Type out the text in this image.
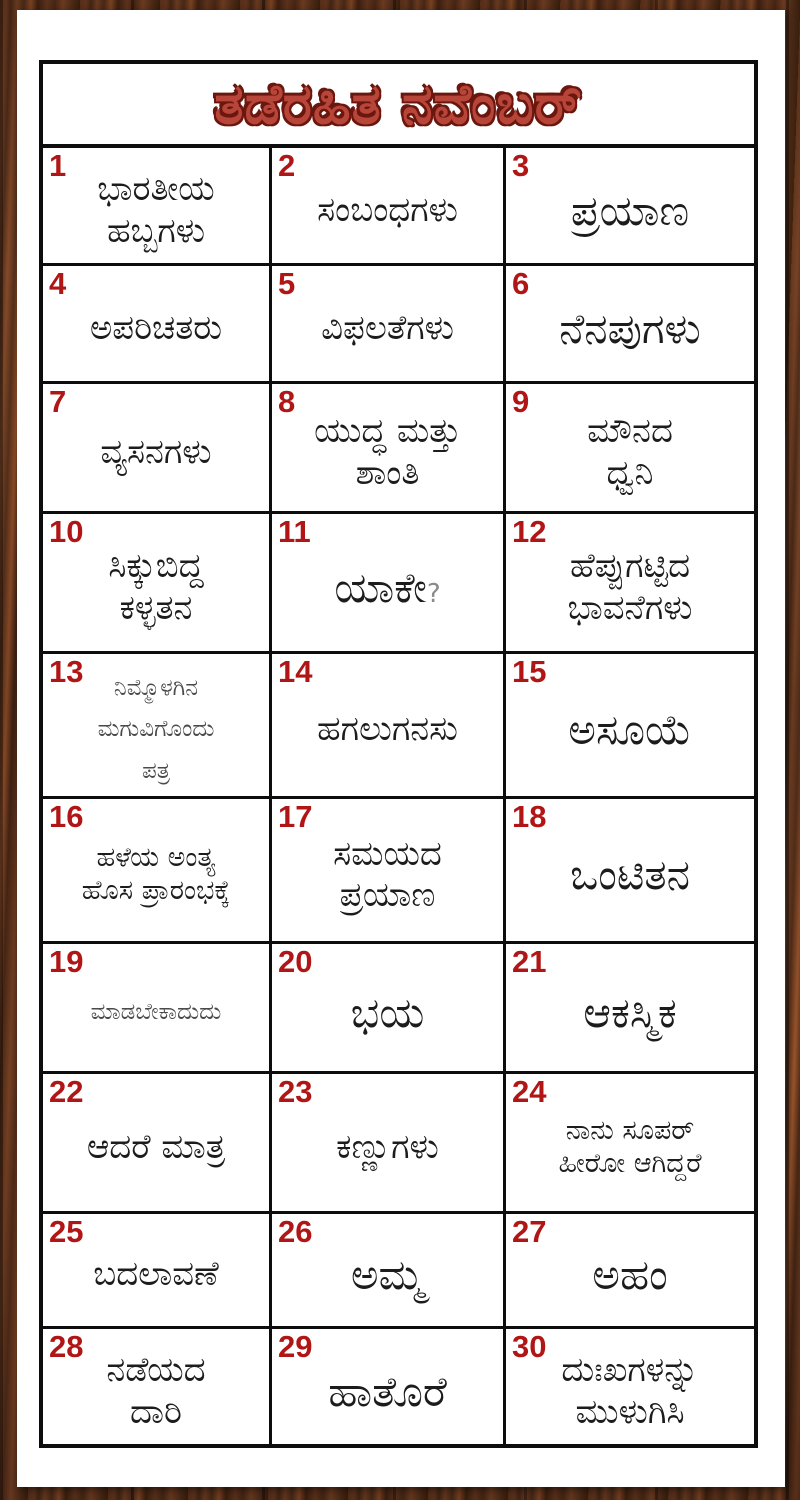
ತಡೆರಹಿತ ನವೆಂಬರ್
1
ಭಾರತೀಯ
ಹಬ್ಬಗಳು
2
ಸಂಬಂಧಗಳು
3
ಪ್ರಯಾಣ
4
ಅಪರಿಚತರು
5
ವಿಫಲತೆಗಳು
6
ನೆನಪುಗಳು
7
ವ್ಯಸನಗಳು
8
ಯುದ್ಧ ಮತ್ತು
ಶಾಂತಿ
9
ಮೌನದ
ಧ್ವನಿ
10
ಸಿಕ್ಕುಬಿದ್ದ
ಕಳ್ಳತನ
11
ಯಾಕೇ?
12
ಹೆಪ್ಪುಗಟ್ಟಿದ
ಭಾವನೆಗಳು
13	ನಿಮ್ಮೊಳಗಿನ
ಮಗುವಿಗೊಂದು
ಪತ್ರ
14
ಹಗಲುಗನಸು
15
ಅಸೂಯೆ
16
ಹಳೆಯ ಅಂತ್ಯ
ಹೊಸ ಪ್ರಾರಂಭಕ್ಕೆ
17
ಸಮಯದ
ಪ್ರಯಾಣ
18
ಒಂಟಿತನ
19
ಮಾಡಬೇಕಾದುದು
20
ಭಯ
21
ಆಕಸ್ಮಿಕ
22
ಆದರೆ ಮಾತ್ರ
23
ಕಣ್ಣುಗಳು
24
ನಾನು ಸೂಪರ್
ಹೀರೋ ಆಗಿದ್ದರೆ
25
ಬದಲಾವಣೆ
26
ಅಮ್ಮ
27
ಅಹಂ
28
ನಡೆಯದ
ದಾರಿ
29
ಹಾತೊರೆ
30
ದುಃಖಗಳನ್ನು
ಮುಳುಗಿಸಿ
